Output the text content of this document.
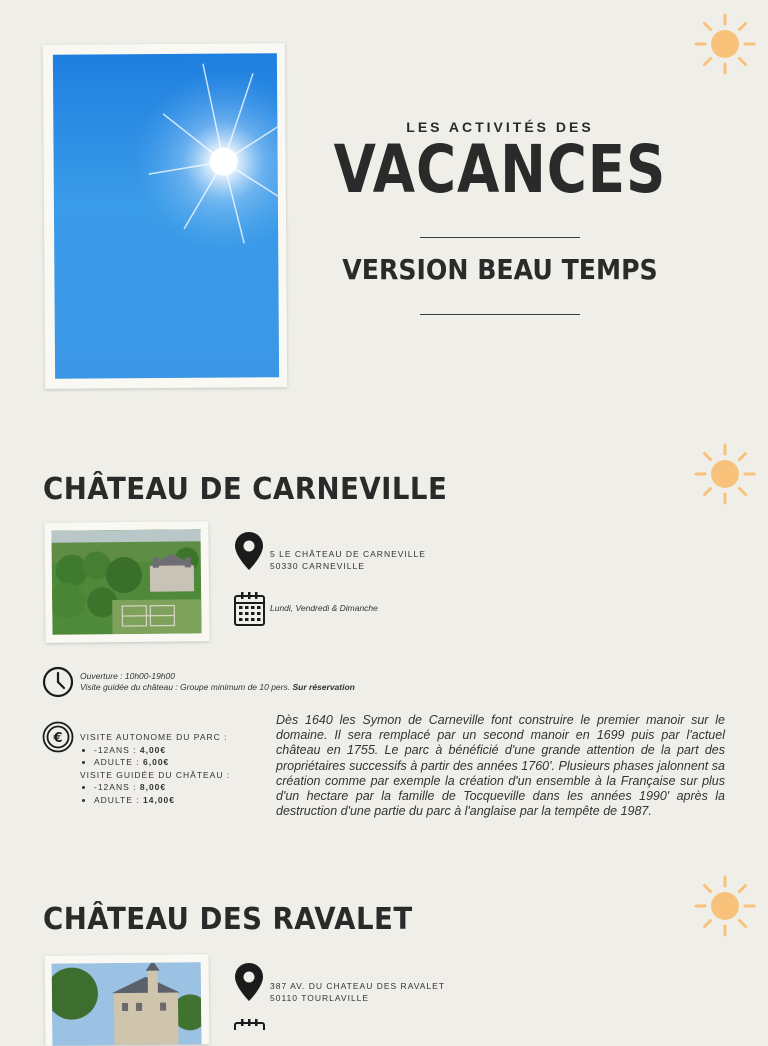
LES ACTIVITÉS DES
VACANCES
VERSION BEAU TEMPS
CHÂTEAU DE CARNEVILLE
5 LE CHÂTEAU DE CARNEVILLE
50330 CARNEVILLE
Lundi, Vendredi & Dimanche
Ouverture : 10h00-19h00
Visite guidée du château : Groupe minimum de 10 pers. Sur réservation
€ VISITE AUTONOME DU PARC :
• -12ANS : 4,00€
• ADULTE : 6,00€
VISITE GUIDÉE DU CHÂTEAU :
• -12ANS : 8,00€
• ADULTE : 14,00€
Dès 1640 les Symon de Carneville font construire le premier manoir sur le domaine. Il sera remplacé par un second manoir en 1699 puis par l'actuel château en 1755. Le parc à bénéficié d'une grande attention de la part des propriétaires successifs à partir des années 1760'. Plusieurs phases jalonnent sa création comme par exemple la création d'un ensemble à la Française sur plus d'un hectare par la famille de Tocqueville dans les années 1990' après la destruction d'une partie du parc à l'anglaise par la tempête de 1987.
CHÂTEAU DES RAVALET
387 AV. DU CHATEAU DES RAVALET
50110 TOURLAVILLE
